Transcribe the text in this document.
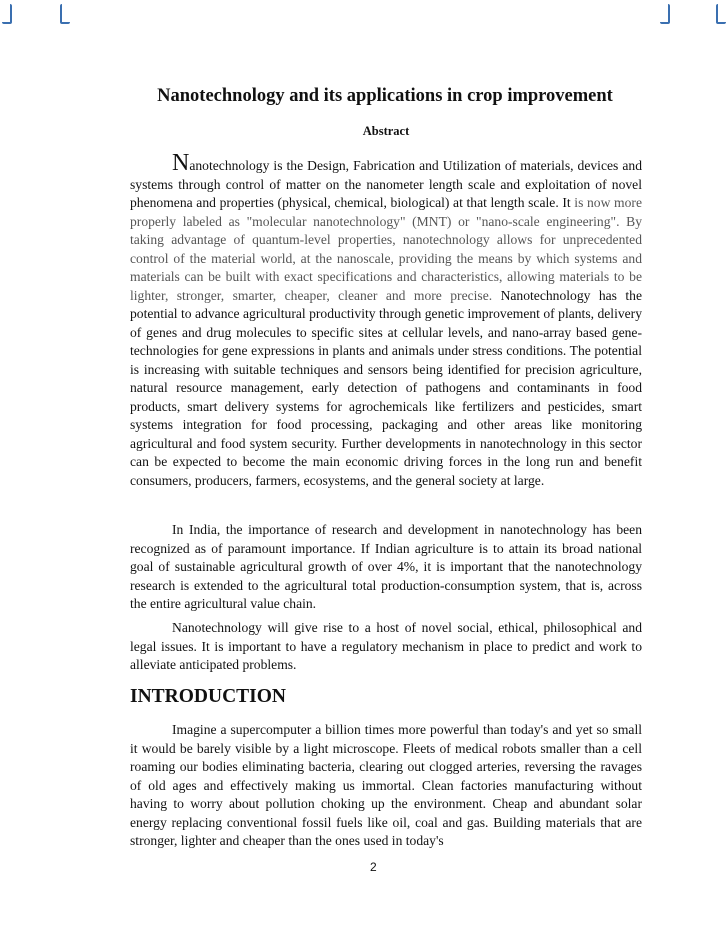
Nanotechnology and its applications in crop improvement
Abstract
Nanotechnology is the Design, Fabrication and Utilization of materials, devices and systems through control of matter on the nanometer length scale and exploitation of novel phenomena and properties (physical, chemical, biological) at that length scale. It is now more properly labeled as "molecular nanotechnology" (MNT) or "nano-scale engineering". By taking advantage of quantum-level properties, nanotechnology allows for unprecedented control of the material world, at the nanoscale, providing the means by which systems and materials can be built with exact specifications and characteristics, allowing materials to be lighter, stronger, smarter, cheaper, cleaner and more precise. Nanotechnology has the potential to advance agricultural productivity through genetic improvement of plants, delivery of genes and drug molecules to specific sites at cellular levels, and nano-array based gene-technologies for gene expressions in plants and animals under stress conditions. The potential is increasing with suitable techniques and sensors being identified for precision agriculture, natural resource management, early detection of pathogens and contaminants in food products, smart delivery systems for agrochemicals like fertilizers and pesticides, smart systems integration for food processing, packaging and other areas like monitoring agricultural and food system security. Further developments in nanotechnology in this sector can be expected to become the main economic driving forces in the long run and benefit consumers, producers, farmers, ecosystems, and the general society at large.
In India, the importance of research and development in nanotechnology has been recognized as of paramount importance. If Indian agriculture is to attain its broad national goal of sustainable agricultural growth of over 4%, it is important that the nanotechnology research is extended to the agricultural total production-consumption system, that is, across the entire agricultural value chain.
Nanotechnology will give rise to a host of novel social, ethical, philosophical and legal issues. It is important to have a regulatory mechanism in place to predict and work to alleviate anticipated problems.
INTRODUCTION
Imagine a supercomputer a billion times more powerful than today's and yet so small it would be barely visible by a light microscope. Fleets of medical robots smaller than a cell roaming our bodies eliminating bacteria, clearing out clogged arteries, reversing the ravages of old ages and effectively making us immortal. Clean factories manufacturing without having to worry about pollution choking up the environment. Cheap and abundant solar energy replacing conventional fossil fuels like oil, coal and gas. Building materials that are stronger, lighter and cheaper than the ones used in today's
2
